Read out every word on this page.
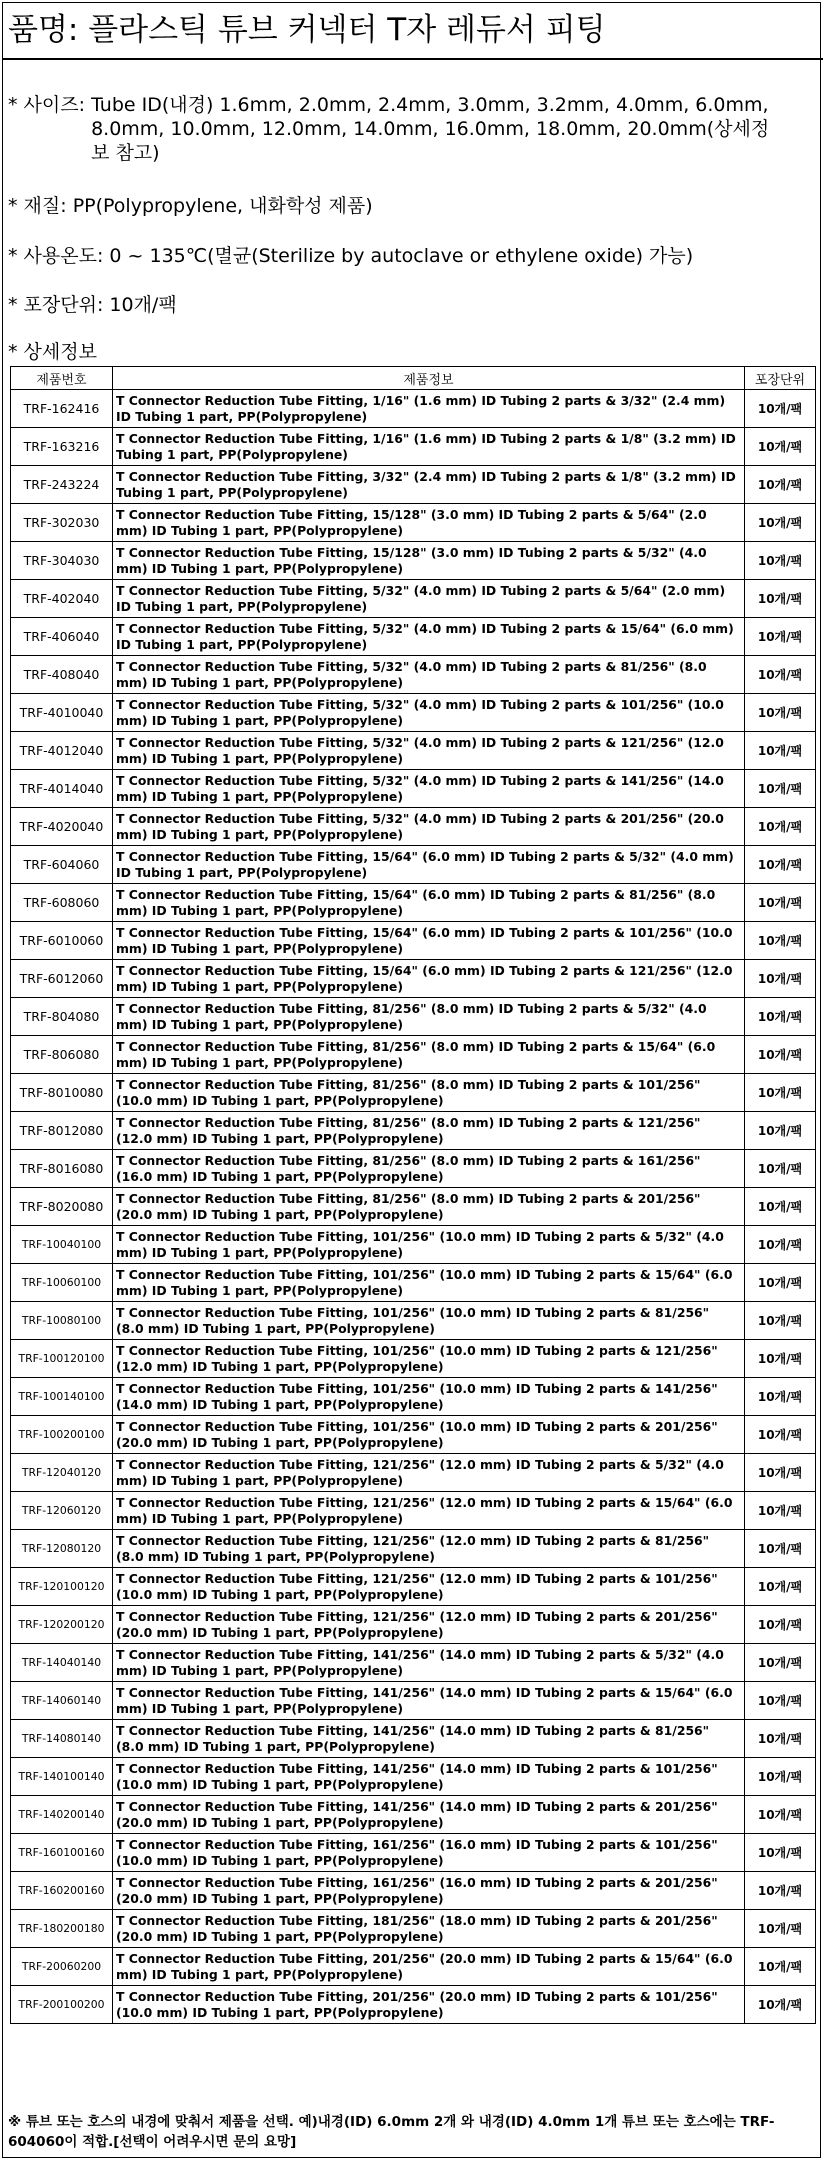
품명: 플라스틱 튜브 커넥터 T자 레듀서 피팅
* 사이즈: Tube ID(내경) 1.6mm, 2.0mm, 2.4mm, 3.0mm, 3.2mm, 4.0mm, 6.0mm, 8.0mm, 10.0mm, 12.0mm, 14.0mm, 16.0mm, 18.0mm, 20.0mm(상세정보 참고)
* 재질: PP(Polypropylene, 내화학성 제품)
* 사용온도: 0 ~ 135℃(멸균(Sterilize by autoclave or ethylene oxide) 가능)
* 포장단위: 10개/팩
* 상세정보
제품번호	제품정보	포장단위
TRF-162416	T Connector Reduction Tube Fitting, 1/16" (1.6 mm) ID Tubing 2 parts & 3/32" (2.4 mm) ID Tubing 1 part, PP(Polypropylene)	10개/팩
TRF-163216	T Connector Reduction Tube Fitting, 1/16" (1.6 mm) ID Tubing 2 parts & 1/8" (3.2 mm) ID Tubing 1 part, PP(Polypropylene)	10개/팩
TRF-243224	T Connector Reduction Tube Fitting, 3/32" (2.4 mm) ID Tubing 2 parts & 1/8" (3.2 mm) ID Tubing 1 part, PP(Polypropylene)	10개/팩
TRF-302030	T Connector Reduction Tube Fitting, 15/128" (3.0 mm) ID Tubing 2 parts & 5/64" (2.0 mm) ID Tubing 1 part, PP(Polypropylene)	10개/팩
TRF-304030	T Connector Reduction Tube Fitting, 15/128" (3.0 mm) ID Tubing 2 parts & 5/32" (4.0 mm) ID Tubing 1 part, PP(Polypropylene)	10개/팩
TRF-402040	T Connector Reduction Tube Fitting, 5/32" (4.0 mm) ID Tubing 2 parts & 5/64" (2.0 mm) ID Tubing 1 part, PP(Polypropylene)	10개/팩
TRF-406040	T Connector Reduction Tube Fitting, 5/32" (4.0 mm) ID Tubing 2 parts & 15/64" (6.0 mm) ID Tubing 1 part, PP(Polypropylene)	10개/팩
TRF-408040	T Connector Reduction Tube Fitting, 5/32" (4.0 mm) ID Tubing 2 parts & 81/256" (8.0 mm) ID Tubing 1 part, PP(Polypropylene)	10개/팩
TRF-4010040	T Connector Reduction Tube Fitting, 5/32" (4.0 mm) ID Tubing 2 parts & 101/256" (10.0 mm) ID Tubing 1 part, PP(Polypropylene)	10개/팩
TRF-4012040	T Connector Reduction Tube Fitting, 5/32" (4.0 mm) ID Tubing 2 parts & 121/256" (12.0 mm) ID Tubing 1 part, PP(Polypropylene)	10개/팩
TRF-4014040	T Connector Reduction Tube Fitting, 5/32" (4.0 mm) ID Tubing 2 parts & 141/256" (14.0 mm) ID Tubing 1 part, PP(Polypropylene)	10개/팩
TRF-4020040	T Connector Reduction Tube Fitting, 5/32" (4.0 mm) ID Tubing 2 parts & 201/256" (20.0 mm) ID Tubing 1 part, PP(Polypropylene)	10개/팩
TRF-604060	T Connector Reduction Tube Fitting, 15/64" (6.0 mm) ID Tubing 2 parts & 5/32" (4.0 mm) ID Tubing 1 part, PP(Polypropylene)	10개/팩
TRF-608060	T Connector Reduction Tube Fitting, 15/64" (6.0 mm) ID Tubing 2 parts & 81/256" (8.0 mm) ID Tubing 1 part, PP(Polypropylene)	10개/팩
TRF-6010060	T Connector Reduction Tube Fitting, 15/64" (6.0 mm) ID Tubing 2 parts & 101/256" (10.0 mm) ID Tubing 1 part, PP(Polypropylene)	10개/팩
TRF-6012060	T Connector Reduction Tube Fitting, 15/64" (6.0 mm) ID Tubing 2 parts & 121/256" (12.0 mm) ID Tubing 1 part, PP(Polypropylene)	10개/팩
TRF-804080	T Connector Reduction Tube Fitting, 81/256" (8.0 mm) ID Tubing 2 parts & 5/32" (4.0 mm) ID Tubing 1 part, PP(Polypropylene)	10개/팩
TRF-806080	T Connector Reduction Tube Fitting, 81/256" (8.0 mm) ID Tubing 2 parts & 15/64" (6.0 mm) ID Tubing 1 part, PP(Polypropylene)	10개/팩
TRF-8010080	T Connector Reduction Tube Fitting, 81/256" (8.0 mm) ID Tubing 2 parts & 101/256" (10.0 mm) ID Tubing 1 part, PP(Polypropylene)	10개/팩
TRF-8012080	T Connector Reduction Tube Fitting, 81/256" (8.0 mm) ID Tubing 2 parts & 121/256" (12.0 mm) ID Tubing 1 part, PP(Polypropylene)	10개/팩
TRF-8016080	T Connector Reduction Tube Fitting, 81/256" (8.0 mm) ID Tubing 2 parts & 161/256" (16.0 mm) ID Tubing 1 part, PP(Polypropylene)	10개/팩
TRF-8020080	T Connector Reduction Tube Fitting, 81/256" (8.0 mm) ID Tubing 2 parts & 201/256" (20.0 mm) ID Tubing 1 part, PP(Polypropylene)	10개/팩
TRF-10040100	T Connector Reduction Tube Fitting, 101/256" (10.0 mm) ID Tubing 2 parts & 5/32" (4.0 mm) ID Tubing 1 part, PP(Polypropylene)	10개/팩
TRF-10060100	T Connector Reduction Tube Fitting, 101/256" (10.0 mm) ID Tubing 2 parts & 15/64" (6.0 mm) ID Tubing 1 part, PP(Polypropylene)	10개/팩
TRF-10080100	T Connector Reduction Tube Fitting, 101/256" (10.0 mm) ID Tubing 2 parts & 81/256" (8.0 mm) ID Tubing 1 part, PP(Polypropylene)	10개/팩
TRF-100120100	T Connector Reduction Tube Fitting, 101/256" (10.0 mm) ID Tubing 2 parts & 121/256" (12.0 mm) ID Tubing 1 part, PP(Polypropylene)	10개/팩
TRF-100140100	T Connector Reduction Tube Fitting, 101/256" (10.0 mm) ID Tubing 2 parts & 141/256" (14.0 mm) ID Tubing 1 part, PP(Polypropylene)	10개/팩
TRF-100200100	T Connector Reduction Tube Fitting, 101/256" (10.0 mm) ID Tubing 2 parts & 201/256" (20.0 mm) ID Tubing 1 part, PP(Polypropylene)	10개/팩
TRF-12040120	T Connector Reduction Tube Fitting, 121/256" (12.0 mm) ID Tubing 2 parts & 5/32" (4.0 mm) ID Tubing 1 part, PP(Polypropylene)	10개/팩
TRF-12060120	T Connector Reduction Tube Fitting, 121/256" (12.0 mm) ID Tubing 2 parts & 15/64" (6.0 mm) ID Tubing 1 part, PP(Polypropylene)	10개/팩
TRF-12080120	T Connector Reduction Tube Fitting, 121/256" (12.0 mm) ID Tubing 2 parts & 81/256" (8.0 mm) ID Tubing 1 part, PP(Polypropylene)	10개/팩
TRF-120100120	T Connector Reduction Tube Fitting, 121/256" (12.0 mm) ID Tubing 2 parts & 101/256" (10.0 mm) ID Tubing 1 part, PP(Polypropylene)	10개/팩
TRF-120200120	T Connector Reduction Tube Fitting, 121/256" (12.0 mm) ID Tubing 2 parts & 201/256" (20.0 mm) ID Tubing 1 part, PP(Polypropylene)	10개/팩
TRF-14040140	T Connector Reduction Tube Fitting, 141/256" (14.0 mm) ID Tubing 2 parts & 5/32" (4.0 mm) ID Tubing 1 part, PP(Polypropylene)	10개/팩
TRF-14060140	T Connector Reduction Tube Fitting, 141/256" (14.0 mm) ID Tubing 2 parts & 15/64" (6.0 mm) ID Tubing 1 part, PP(Polypropylene)	10개/팩
TRF-14080140	T Connector Reduction Tube Fitting, 141/256" (14.0 mm) ID Tubing 2 parts & 81/256" (8.0 mm) ID Tubing 1 part, PP(Polypropylene)	10개/팩
TRF-140100140	T Connector Reduction Tube Fitting, 141/256" (14.0 mm) ID Tubing 2 parts & 101/256" (10.0 mm) ID Tubing 1 part, PP(Polypropylene)	10개/팩
TRF-140200140	T Connector Reduction Tube Fitting, 141/256" (14.0 mm) ID Tubing 2 parts & 201/256" (20.0 mm) ID Tubing 1 part, PP(Polypropylene)	10개/팩
TRF-160100160	T Connector Reduction Tube Fitting, 161/256" (16.0 mm) ID Tubing 2 parts & 101/256" (10.0 mm) ID Tubing 1 part, PP(Polypropylene)	10개/팩
TRF-160200160	T Connector Reduction Tube Fitting, 161/256" (16.0 mm) ID Tubing 2 parts & 201/256" (20.0 mm) ID Tubing 1 part, PP(Polypropylene)	10개/팩
TRF-180200180	T Connector Reduction Tube Fitting, 181/256" (18.0 mm) ID Tubing 2 parts & 201/256" (20.0 mm) ID Tubing 1 part, PP(Polypropylene)	10개/팩
TRF-20060200	T Connector Reduction Tube Fitting, 201/256" (20.0 mm) ID Tubing 2 parts & 15/64" (6.0 mm) ID Tubing 1 part, PP(Polypropylene)	10개/팩
TRF-200100200	T Connector Reduction Tube Fitting, 201/256" (20.0 mm) ID Tubing 2 parts & 101/256" (10.0 mm) ID Tubing 1 part, PP(Polypropylene)	10개/팩
※ 튜브 또는 호스의 내경에 맞춰서 제품을 선택. 예)내경(ID) 6.0mm 2개 와 내경(ID) 4.0mm 1개 튜브 또는 호스에는 TRF-604060이 적합.[선택이 어려우시면 문의 요망]
